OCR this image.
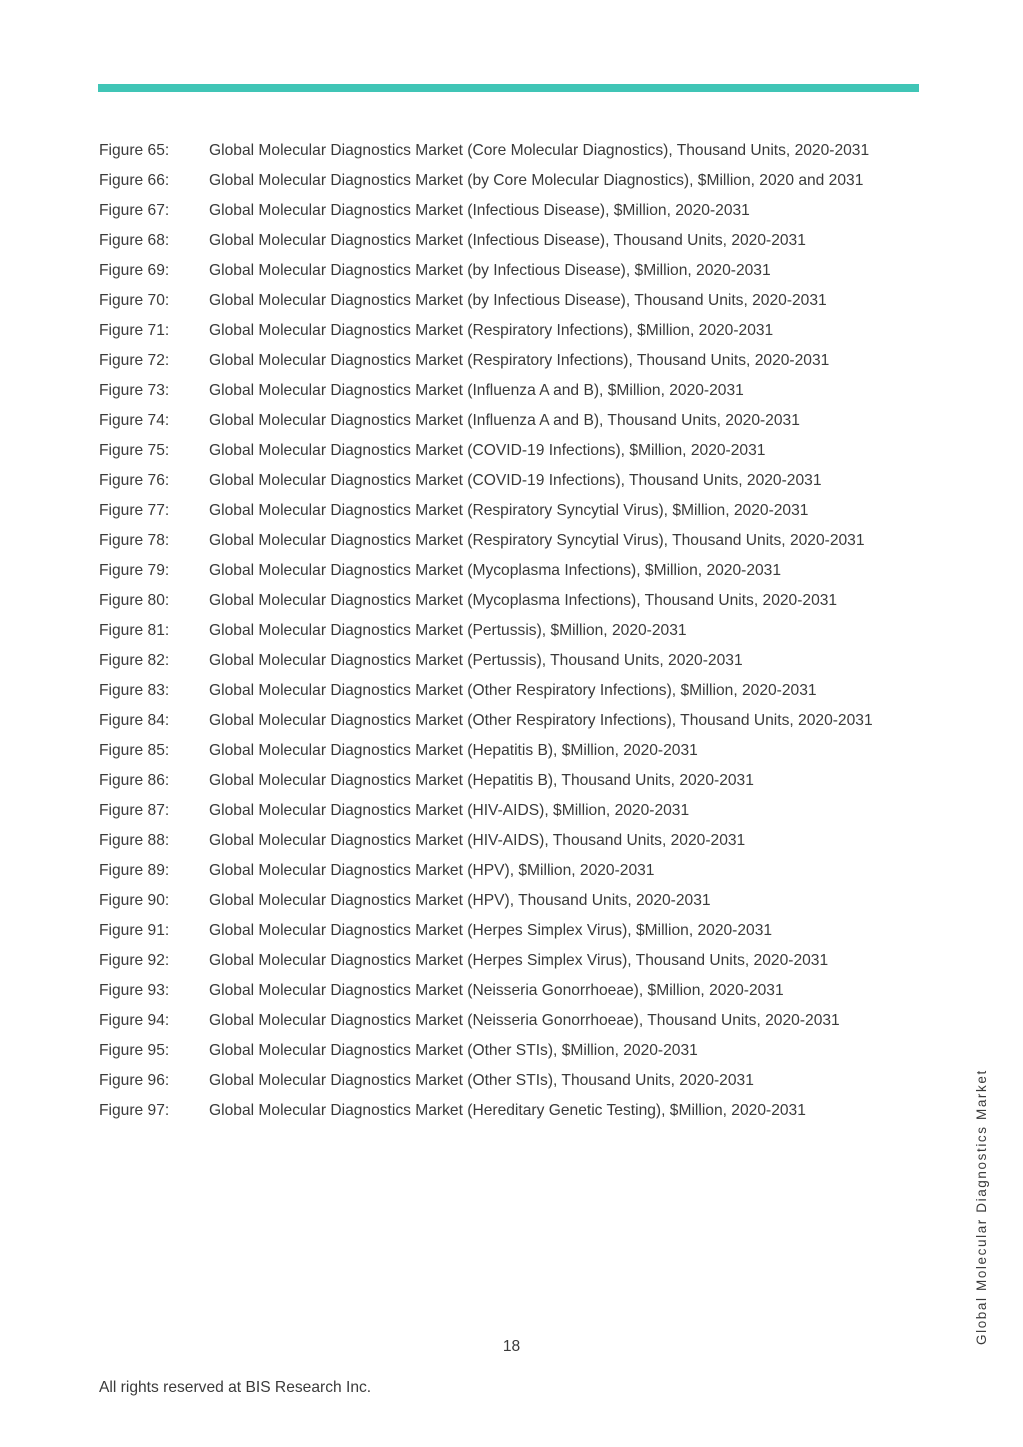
Figure 65:	Global Molecular Diagnostics Market (Core Molecular Diagnostics), Thousand Units, 2020-2031
Figure 66:	Global Molecular Diagnostics Market (by Core Molecular Diagnostics), $Million, 2020 and 2031
Figure 67:	Global Molecular Diagnostics Market (Infectious Disease), $Million, 2020-2031
Figure 68:	Global Molecular Diagnostics Market (Infectious Disease), Thousand Units, 2020-2031
Figure 69:	Global Molecular Diagnostics Market (by Infectious Disease), $Million, 2020-2031
Figure 70:	Global Molecular Diagnostics Market (by Infectious Disease), Thousand Units, 2020-2031
Figure 71:	Global Molecular Diagnostics Market (Respiratory Infections), $Million, 2020-2031
Figure 72:	Global Molecular Diagnostics Market (Respiratory Infections), Thousand Units, 2020-2031
Figure 73:	Global Molecular Diagnostics Market (Influenza A and B), $Million, 2020-2031
Figure 74:	Global Molecular Diagnostics Market (Influenza A and B), Thousand Units, 2020-2031
Figure 75:	Global Molecular Diagnostics Market (COVID-19 Infections), $Million, 2020-2031
Figure 76:	Global Molecular Diagnostics Market (COVID-19 Infections), Thousand Units, 2020-2031
Figure 77:	Global Molecular Diagnostics Market (Respiratory Syncytial Virus), $Million, 2020-2031
Figure 78:	Global Molecular Diagnostics Market (Respiratory Syncytial Virus), Thousand Units, 2020-2031
Figure 79:	Global Molecular Diagnostics Market (Mycoplasma Infections), $Million, 2020-2031
Figure 80:	Global Molecular Diagnostics Market (Mycoplasma Infections), Thousand Units, 2020-2031
Figure 81:	Global Molecular Diagnostics Market (Pertussis), $Million, 2020-2031
Figure 82:	Global Molecular Diagnostics Market (Pertussis), Thousand Units, 2020-2031
Figure 83:	Global Molecular Diagnostics Market (Other Respiratory Infections), $Million, 2020-2031
Figure 84:	Global Molecular Diagnostics Market (Other Respiratory Infections), Thousand Units, 2020-2031
Figure 85:	Global Molecular Diagnostics Market (Hepatitis B), $Million, 2020-2031
Figure 86:	Global Molecular Diagnostics Market (Hepatitis B), Thousand Units, 2020-2031
Figure 87:	Global Molecular Diagnostics Market (HIV-AIDS), $Million, 2020-2031
Figure 88:	Global Molecular Diagnostics Market (HIV-AIDS), Thousand Units, 2020-2031
Figure 89:	Global Molecular Diagnostics Market (HPV), $Million, 2020-2031
Figure 90:	Global Molecular Diagnostics Market (HPV), Thousand Units, 2020-2031
Figure 91:	Global Molecular Diagnostics Market (Herpes Simplex Virus), $Million, 2020-2031
Figure 92:	Global Molecular Diagnostics Market (Herpes Simplex Virus), Thousand Units, 2020-2031
Figure 93:	Global Molecular Diagnostics Market (Neisseria Gonorrhoeae), $Million, 2020-2031
Figure 94:	Global Molecular Diagnostics Market (Neisseria Gonorrhoeae), Thousand Units, 2020-2031
Figure 95:	Global Molecular Diagnostics Market (Other STIs), $Million, 2020-2031
Figure 96:	Global Molecular Diagnostics Market (Other STIs), Thousand Units, 2020-2031
Figure 97:	Global Molecular Diagnostics Market (Hereditary Genetic Testing), $Million, 2020-2031
18
All rights reserved at BIS Research Inc.
Global Molecular Diagnostics Market
